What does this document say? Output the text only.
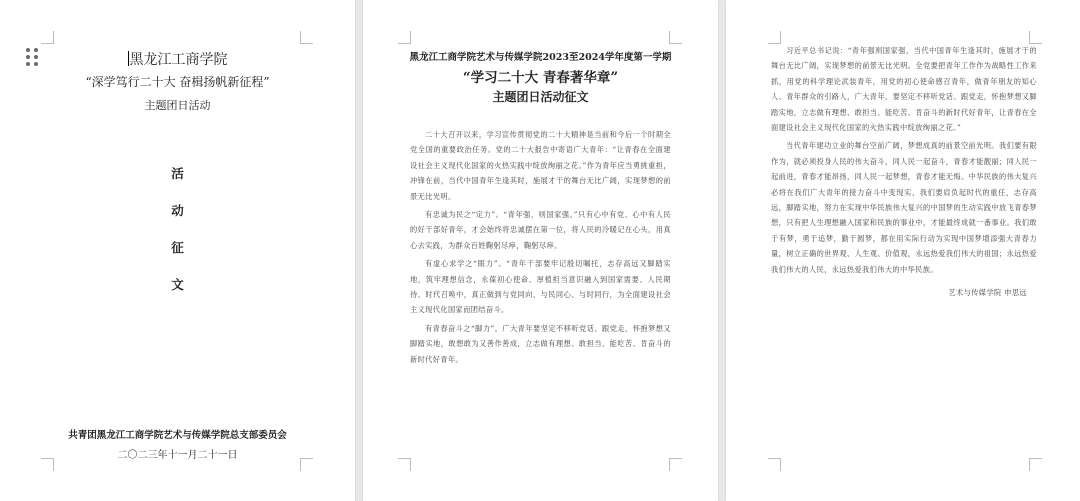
黑龙江工商学院
“深学笃行二十大 奋楫扬帆新征程”
主题团日活动
活
动
征
文
共青团黑龙江工商学院艺术与传媒学院总支部委员会
二〇二三年十一月二十一日
黑龙江工商学院艺术与传媒学院2023至2024学年度第一学期
“学习二十大 青春著华章”
主题团日活动征文

二十大召开以来，学习宣传贯彻党的二十大精神是当前和今后一个时期全党全国的重要政治任务。党的二十大报告中寄语广大青年：“让青春在全面建设社会主义现代化国家的火热实践中绽放绚丽之花。”作为青年应当勇挑重担，冲锋在前，当代中国青年生逢其时，施展才干的舞台无比广阔，实现梦想的前景无比光明。

有忠诚为民之“定力”。“青年强，则国家强。”只有心中有党、心中有人民的好干部好青年，才会始终将忠诚摆在第一位，将人民的冷暖记在心头，用真心去实践，为群众百姓鞠躬尽瘁，鞠躬尽瘁。

有虚心求学之“眼力”。“青年干部要牢记殷切嘱托，志存高远又脚踏实地，筑牢理想信念，永葆初心使命、厚植担当意识融入到国家需要、人民期待、时代召唤中，真正做到与党同向、与民同心、与时同行，为全面建设社会主义现代化国家而团结奋斗。

有青春奋斗之“脚力”。广大青年要坚定不移听党话、跟党走，怀抱梦想又脚踏实地，敢想敢为又善作善成，立志做有理想、敢担当、能吃苦、肯奋斗的新时代好青年。

习近平总书记说：“青年强则国家强，当代中国青年生逢其时，施展才干的舞台无比广阔，实现梦想的前景无比光明。全党要把青年工作作为战略性工作来抓，用党的科学理论武装青年，用党的初心使命感召青年，做青年朋友的知心人、青年群众的引路人，广大青年，要坚定不移听党话、跟党走，怀抱梦想又脚踏实地，立志做有理想、敢担当、能吃苦、肯奋斗的新时代好青年，让青春在全面建设社会主义现代化国家的火热实践中绽放绚丽之花。”

当代青年建功立业的舞台空前广阔，梦想成真的前景空前光明。我们要有限作为，就必须投身人民的伟大奋斗，同人民一起奋斗，青春才能靓丽；同人民一起前进，青春才能昂扬，同人民一起梦想，青春才能无悔。中华民族的伟大复兴必将在我们广大青年的接力奋斗中变现实，我们要肩负起时代的重任，志存高远，脚踏实地，努力在实现中华民族伟大复兴的中国梦的生动实践中放飞青春梦想，只有把人生理想融入国家和民族的事业中，才能最终成就一番事业。我们敢于有梦，勇于追梦，勤于圆梦，都在用实际行动为实现中国梦增添强大青春力量，树立正确的世界观、人生观、价值观，永远热爱我们伟大的祖国；永远热爱我们伟大的人民，永远热爱我们伟大的中华民族。

艺术与传媒学院 申思远
